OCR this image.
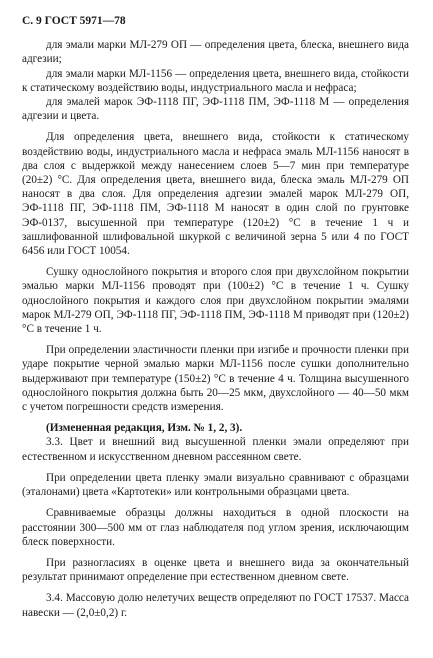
С. 9 ГОСТ 5971—78

для эмали марки МЛ-279 ОП — определения цвета, блеска, внешнего вида адгезии;

для эмали марки МЛ-1156 — определения цвета, внешнего вида, стойкости к статическому воздействию воды, индустриального масла и нефраса;

для эмалей марок ЭФ-1118 ПГ, ЭФ-1118 ПМ, ЭФ-1118 М — определения адгезии и цвета.

Для определения цвета, внешнего вида, стойкости к статическому воздействию воды, индустриального масла и нефраса эмаль МЛ-1156 наносят в два слоя с выдержкой между нанесением слоев 5—7 мин при температуре (20±2) °С. Для определения цвета, внешнего вида, блеска эмаль МЛ-279 ОП наносят в два слоя. Для определения адгезии эмалей марок МЛ-279 ОП, ЭФ-1118 ПГ, ЭФ-1118 ПМ, ЭФ-1118 М наносят в один слой по грунтовке ЭФ-0137, высушенной при температуре (120±2) °С в течение 1 ч и зашлифованной шлифовальной шкуркой с величиной зерна 5 или 4 по ГОСТ 6456 или ГОСТ 10054.

Сушку однослойного покрытия и второго слоя при двухслойном покрытии эмалью марки МЛ-1156 проводят при (100±2) °С в течение 1 ч. Сушку однослойного покрытия и каждого слоя при двухслойном покрытии эмалями марок МЛ-279 ОП, ЭФ-1118 ПГ, ЭФ-1118 ПМ, ЭФ-1118 М приводят при (120±2) °С в течение 1 ч.

При определении эластичности пленки при изгибе и прочности пленки при ударе покрытие черной эмалью марки МЛ-1156 после сушки дополнительно выдерживают при температуре (150±2) °С в течение 4 ч. Толщина высушенного однослойного покрытия должна быть 20—25 мкм, двухслойного — 40—50 мкм с учетом погрешности средств измерения.

(Измененная редакция, Изм. № 1, 2, 3).

3.3. Цвет и внешний вид высушенной пленки эмали определяют при естественном и искусственном дневном рассеянном свете.

При определении цвета пленку эмали визуально сравнивают с образцами (эталонами) цвета «Картотеки» или контрольными образцами цвета.

Сравниваемые образцы должны находиться в одной плоскости на расстоянии 300—500 мм от глаз наблюдателя под углом зрения, исключающим блеск поверхности.

При разногласиях в оценке цвета и внешнего вида за окончательный результат принимают определение при естественном дневном свете.

3.4. Массовую долю нелетучих веществ определяют по ГОСТ 17537. Масса навески — (2,0±0,2) г.
